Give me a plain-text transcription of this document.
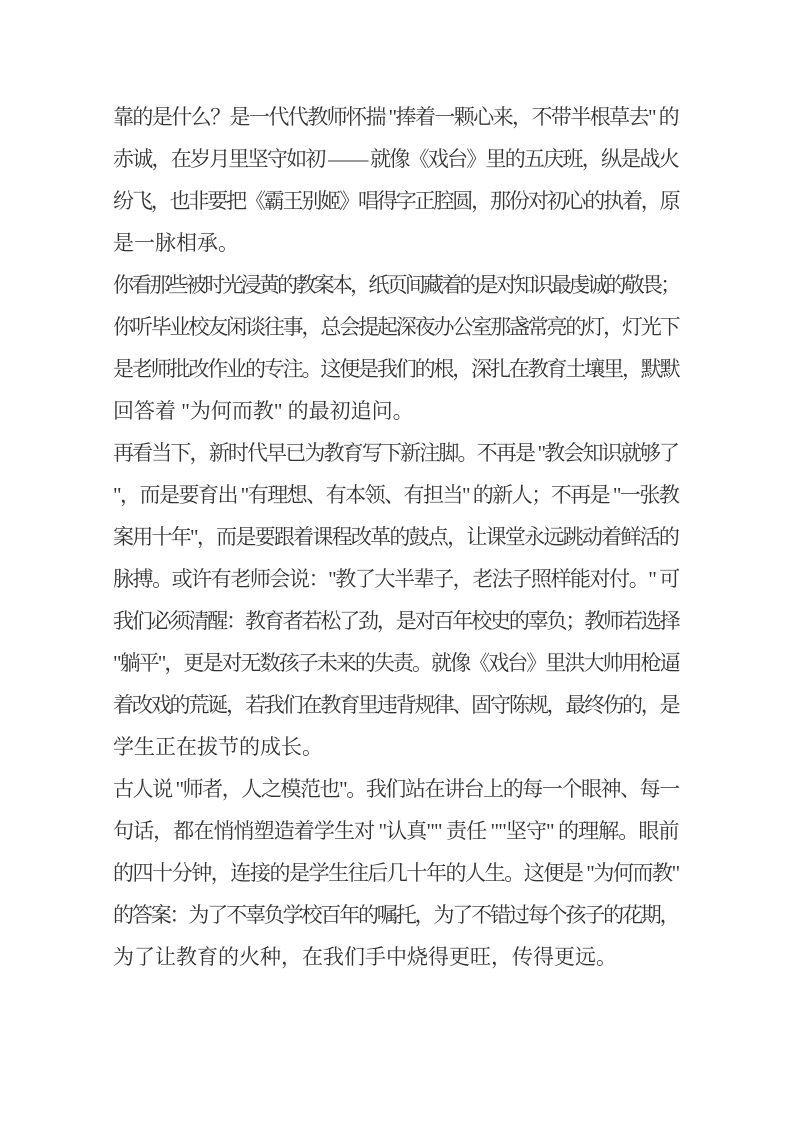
靠的是什么？是一代代教师怀揣 "捧着一颗心来，不带半根草去" 的
赤诚，在岁月里坚守如初 —— 就像《戏台》里的五庆班，纵是战火
纷飞，也非要把《霸王别姬》唱得字正腔圆，那份对初心的执着，原
是一脉相承。

你看那些被时光浸黄的教案本，纸页间藏着的是对知识最虔诚的敬畏；
你听毕业校友闲谈往事，总会提起深夜办公室那盏常亮的灯，灯光下
是老师批改作业的专注。这便是我们的根，深扎在教育土壤里，默默
回答着 "为何而教" 的最初追问。

再看当下，新时代早已为教育写下新注脚。不再是 "教会知识就够了
"，而是要育出 "有理想、有本领、有担当" 的新人；不再是 "一张教
案用十年"，而是要跟着课程改革的鼓点，让课堂永远跳动着鲜活的
脉搏。或许有老师会说："教了大半辈子，老法子照样能对付。" 可
我们必须清醒：教育者若松了劲，是对百年校史的辜负；教师若选择
"躺平"，更是对无数孩子未来的失责。就像《戏台》里洪大帅用枪逼
着改戏的荒诞，若我们在教育里违背规律、固守陈规，最终伤的，是
学生正在拔节的成长。

古人说 "师者，人之模范也"。我们站在讲台上的每一个眼神、每一
句话，都在悄悄塑造着学生对 "认真"" 责任 ""坚守" 的理解。眼前
的四十分钟，连接的是学生往后几十年的人生。这便是 "为何而教"
的答案：为了不辜负学校百年的嘱托，为了不错过每个孩子的花期，
为了让教育的火种，在我们手中烧得更旺，传得更远。
